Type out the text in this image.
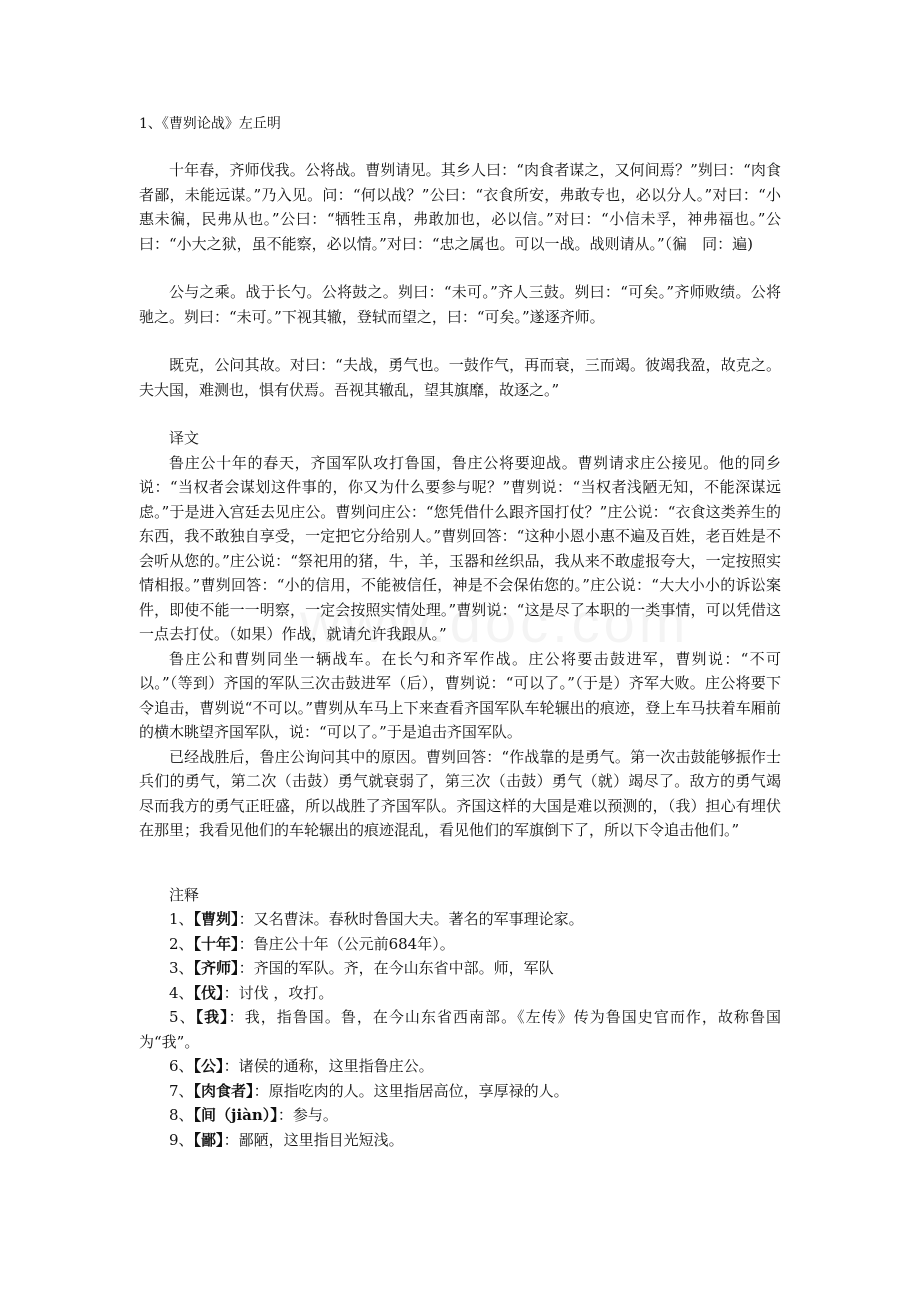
1、《曹刿论战》左丘明

十年春，齐师伐我。公将战。曹刿请见。其乡人曰：“肉食者谋之，又何间焉？”刿曰：“肉食者鄙，未能远谋。”乃入见。问：“何以战？”公曰：“衣食所安，弗敢专也，必以分人。”对曰：“小惠未徧，民弗从也。”公曰：“牺牲玉帛，弗敢加也，必以信。”对曰：“小信未孚，神弗福也。”公曰：“小大之狱，虽不能察，必以情。”对曰：“忠之属也。可以一战。战则请从。”（徧　同：遍)

公与之乘。战于长勺。公将鼓之。刿曰：“未可。”齐人三鼓。刿曰：“可矣。”齐师败绩。公将驰之。刿曰：“未可。”下视其辙，登轼而望之，曰：“可矣。”遂逐齐师。

既克，公问其故。对曰：“夫战，勇气也。一鼓作气，再而衰，三而竭。彼竭我盈，故克之。夫大国，难测也，惧有伏焉。吾视其辙乱，望其旗靡，故逐之。”

译文

鲁庄公十年的春天，齐国军队攻打鲁国，鲁庄公将要迎战。曹刿请求庄公接见。他的同乡说：“当权者会谋划这件事的，你又为什么要参与呢？”曹刿说：“当权者浅陋无知，不能深谋远虑。”于是进入宫廷去见庄公。曹刿问庄公：“您凭借什么跟齐国打仗？”庄公说：“衣食这类养生的东西，我不敢独自享受，一定把它分给别人。”曹刿回答：“这种小恩小惠不遍及百姓，老百姓是不会听从您的。”庄公说：“祭祀用的猪，牛，羊，玉器和丝织品，我从来不敢虚报夸大，一定按照实情相报。”曹刿回答：“小的信用，不能被信任，神是不会保佑您的。”庄公说：“大大小小的诉讼案件，即使不能一一明察，一定会按照实情处理。”曹刿说：“这是尽了本职的一类事情，可以凭借这一点去打仗。（如果）作战，就请允许我跟从。”

鲁庄公和曹刿同坐一辆战车。在长勺和齐军作战。庄公将要击鼓进军，曹刿说：“不可以。”（等到）齐国的军队三次击鼓进军（后），曹刿说：“可以了。”（于是）齐军大败。庄公将要下令追击，曹刿说“不可以。”曹刿从车马上下来查看齐国军队车轮辗出的痕迹，登上车马扶着车厢前的横木眺望齐国军队，说：“可以了。”于是追击齐国军队。

已经战胜后，鲁庄公询问其中的原因。曹刿回答：“作战靠的是勇气。第一次击鼓能够振作士兵们的勇气，第二次（击鼓）勇气就衰弱了，第三次（击鼓）勇气（就）竭尽了。敌方的勇气竭尽而我方的勇气正旺盛，所以战胜了齐国军队。齐国这样的大国是难以预测的，（我）担心有埋伏在那里；我看见他们的车轮辗出的痕迹混乱，看见他们的军旗倒下了，所以下令追击他们。”

注释
1、【曹刿】：又名曹沫。春秋时鲁国大夫。著名的军事理论家。
2、【十年】：鲁庄公十年（公元前684年）。
3、【齐师】：齐国的军队。齐，在今山东省中部。师，军队
4、【伐】：讨伐 ，攻打。
5、【我】：我，指鲁国。鲁，在今山东省西南部。《左传》传为鲁国史官而作，故称鲁国为“我”。
6、【公】：诸侯的通称，这里指鲁庄公。
7、【肉食者】：原指吃肉的人。这里指居高位，享厚禄的人。
8、【间（jiàn）】：参与。
9、【鄙】：鄙陋，这里指目光短浅。
